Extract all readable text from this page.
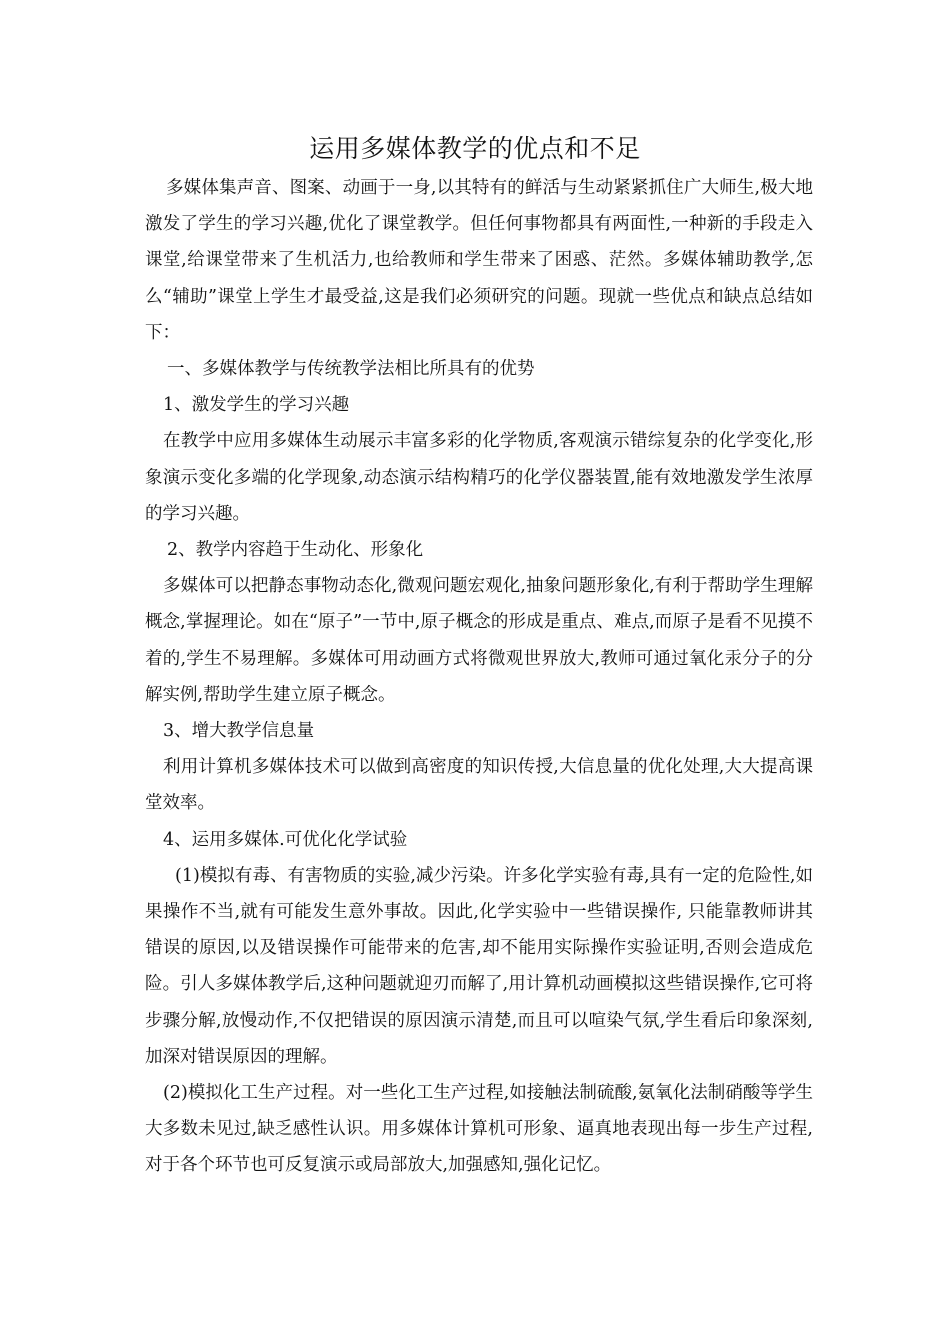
运用多媒体教学的优点和不足

多媒体集声音、图案、动画于一身,以其特有的鲜活与生动紧紧抓住广大师生,极大地激发了学生的学习兴趣,优化了课堂教学。但任何事物都具有两面性,一种新的手段走入课堂,给课堂带来了生机活力,也给教师和学生带来了困惑、茫然。多媒体辅助教学,怎么“辅助”课堂上学生才最受益,这是我们必须研究的问题。现就一些优点和缺点总结如下：

一、多媒体教学与传统教学法相比所具有的优势

1、激发学生的学习兴趣

在教学中应用多媒体生动展示丰富多彩的化学物质,客观演示错综复杂的化学变化,形象演示变化多端的化学现象,动态演示结构精巧的化学仪器装置,能有效地激发学生浓厚的学习兴趣。

2、教学内容趋于生动化、形象化

多媒体可以把静态事物动态化,微观问题宏观化,抽象问题形象化,有利于帮助学生理解概念,掌握理论。如在“原子”一节中,原子概念的形成是重点、难点,而原子是看不见摸不着的,学生不易理解。多媒体可用动画方式将微观世界放大,教师可通过氧化汞分子的分解实例,帮助学生建立原子概念。

3、增大教学信息量

利用计算机多媒体技术可以做到高密度的知识传授,大信息量的优化处理,大大提高课堂效率。

4、运用多媒体.可优化化学试验

(1)模拟有毒、有害物质的实验,减少污染。许多化学实验有毒,具有一定的危险性,如果操作不当,就有可能发生意外事故。因此,化学实验中一些错误操作, 只能靠教师讲其错误的原因,以及错误操作可能带来的危害,却不能用实际操作实验证明,否则会造成危险。引人多媒体教学后,这种问题就迎刃而解了,用计算机动画模拟这些错误操作,它可将步骤分解,放慢动作,不仅把错误的原因演示清楚,而且可以喧染气氛,学生看后印象深刻,加深对错误原因的理解。

(2)模拟化工生产过程。对一些化工生产过程,如接触法制硫酸,氨氧化法制硝酸等学生大多数未见过,缺乏感性认识。用多媒体计算机可形象、逼真地表现出每一步生产过程,对于各个环节也可反复演示或局部放大,加强感知,强化记忆。
